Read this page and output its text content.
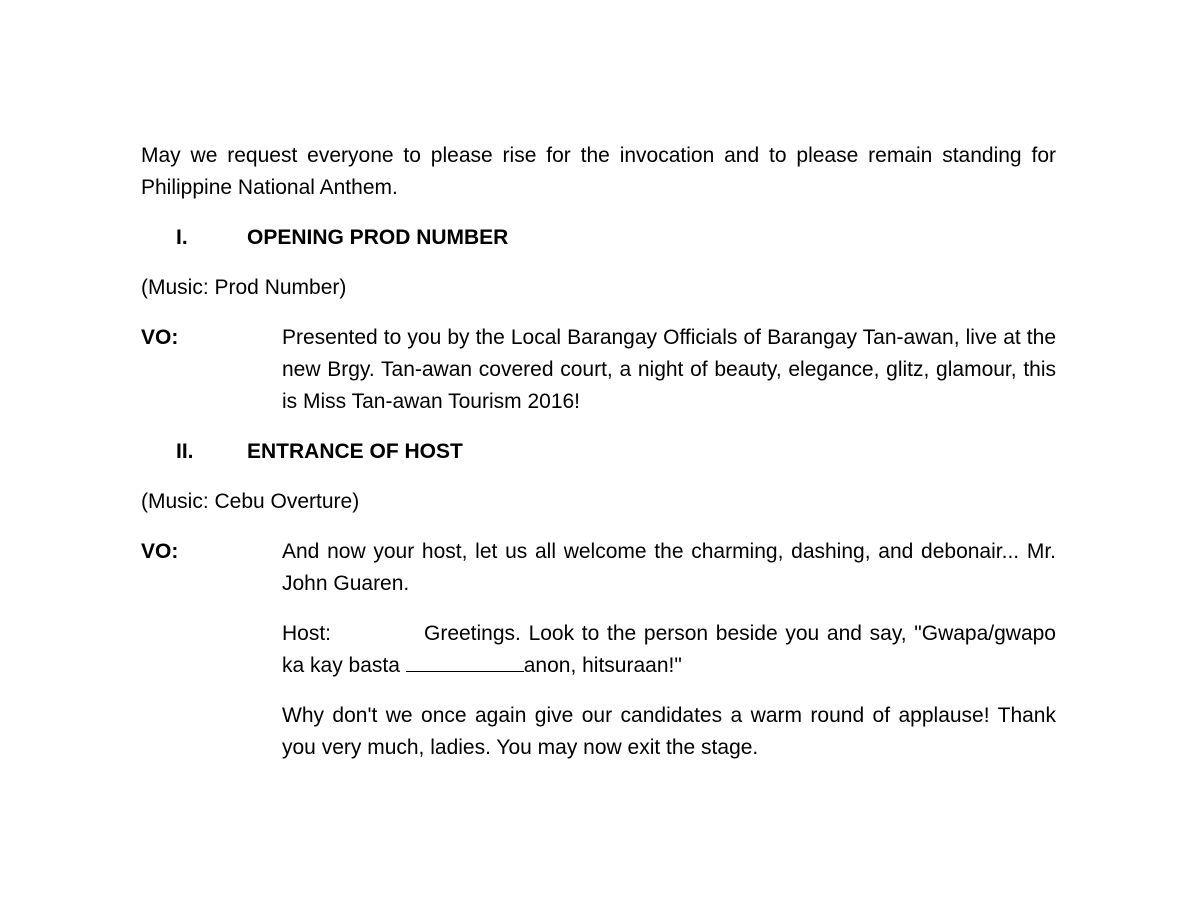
May we request everyone to please rise for the invocation and to please remain standing for Philippine National Anthem.

I.	OPENING PROD NUMBER

(Music: Prod Number)

VO:	Presented to you by the Local Barangay Officials of Barangay Tan-awan, live at the new Brgy. Tan-awan covered court, a night of beauty, elegance, glitz, glamour, this is Miss Tan-awan Tourism 2016!

II.	ENTRANCE OF HOST

(Music: Cebu Overture)

VO:	And now your host, let us all welcome the charming, dashing, and debonair... Mr. John Guaren.

Host:	Greetings. Look to the person beside you and say, "Gwapa/gwapo ka kay basta	anon, hitsuraan!"

Why don't we once again give our candidates a warm round of applause! Thank you very much, ladies. You may now exit the stage.
